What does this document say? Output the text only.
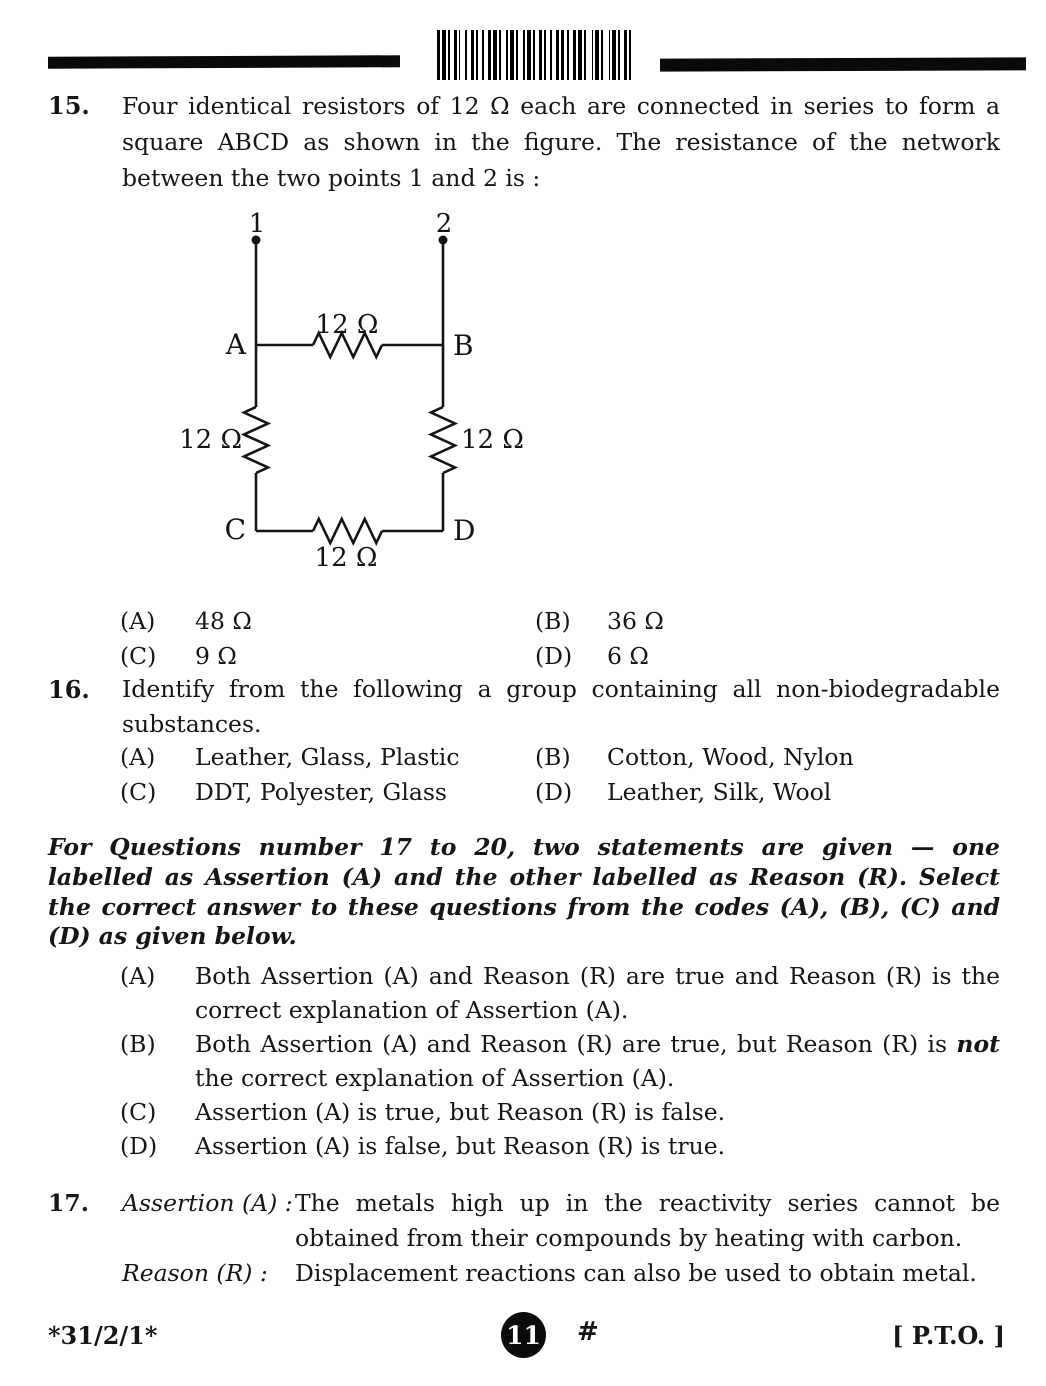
15.	Four identical resistors of 12 Ω each are connected in series to form a square ABCD as shown in the figure. The resistance of the network between the two points 1 and 2 is :
1	2
A	B
C	D
12 Ω
12 Ω	12 Ω
12 Ω
(A)	48 Ω	(B)	36 Ω
(C)	9 Ω	(D)	6 Ω
16.	Identify from the following a group containing all non-biodegradable substances.
(A)	Leather, Glass, Plastic	(B)	Cotton, Wood, Nylon
(C)	DDT, Polyester, Glass	(D)	Leather, Silk, Wool
For Questions number 17 to 20, two statements are given — one labelled as Assertion (A) and the other labelled as Reason (R). Select the correct answer to these questions from the codes (A), (B), (C) and (D) as given below.
(A)	Both Assertion (A) and Reason (R) are true and Reason (R) is the correct explanation of Assertion (A).
(B)	Both Assertion (A) and Reason (R) are true, but Reason (R) is not the correct explanation of Assertion (A).
(C)	Assertion (A) is true, but Reason (R) is false.
(D)	Assertion (A) is false, but Reason (R) is true.
17.	Assertion (A) : The metals high up in the reactivity series cannot be obtained from their compounds by heating with carbon.
Reason (R) :	Displacement reactions can also be used to obtain metal.
*31/2/1*	11 #	[ P.T.O. ]
